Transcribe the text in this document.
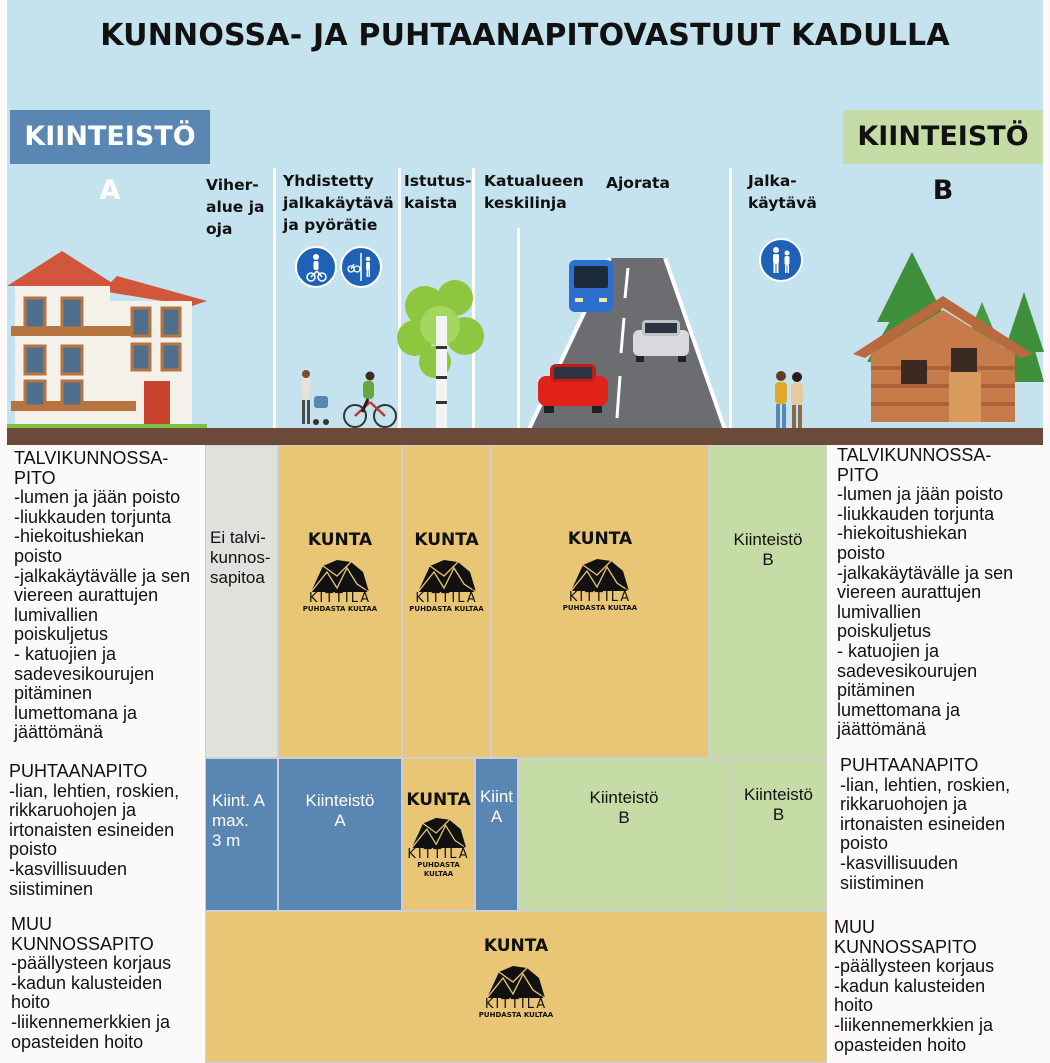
KUNNOSSA- JA PUHTAANAPITOVASTUUT KADULLA
KIINTEISTÖ A
KIINTEISTÖ B
Viher-
alue ja
oja
Yhdistetty
jalkakäytävä
ja pyörätie
Istutus-
kaista
Katualueen
keskilinja
Ajorata	Jalka-
käytävä
TALVIKUNNOSSA-
PITO
-lumen ja jään poisto
-liukkauden torjunta
-hiekoitushiekan
poisto
-jalkakäytävälle ja sen
viereen aurattujen
lumivallien
poiskuljetus
- katuojien ja
sadevesikourujen
pitäminen
lumettomana ja
jäättömänä
TALVIKUNNOSSA-
PITO
-lumen ja jään poisto
-liukkauden torjunta
-hiekoitushiekan
poisto
-jalkakäytävälle ja sen
viereen aurattujen
lumivallien
poiskuljetus
- katuojien ja
sadevesikourujen
pitäminen
lumettomana ja
jäättömänä
Ei talvi-
kunnos-
sapitoa
KUNTA
KITTILÄ
PUHDASTA KULTAA
KUNTA
KITTILÄ
PUHDASTA KULTAA
KUNTA
KITTILÄ
PUHDASTA KULTAA
Kiinteistö
B
PUHTAANAPITO
-lian, lehtien, roskien,
rikkaruohojen ja
irtonaisten esineiden
poisto
-kasvillisuuden
siistiminen
PUHTAANAPITO
-lian, lehtien, roskien,
rikkaruohojen ja
irtonaisten esineiden
poisto
-kasvillisuuden
siistiminen
Kiint. A
max.
3 m
Kiinteistö
A
KUNTA
KITTILÄ
PUHDASTA KULTAA
Kiint
A
Kiinteistö
B
Kiinteistö
B
MUU
KUNNOSSAPITO
-päällysteen korjaus
-kadun kalusteiden
hoito
-liikennemerkkien ja
opasteiden hoito
MUU
KUNNOSSAPITO
-päällysteen korjaus
-kadun kalusteiden
hoito
-liikennemerkkien ja
opasteiden hoito
KUNTA
KITTILÄ
PUHDASTA KULTAA
